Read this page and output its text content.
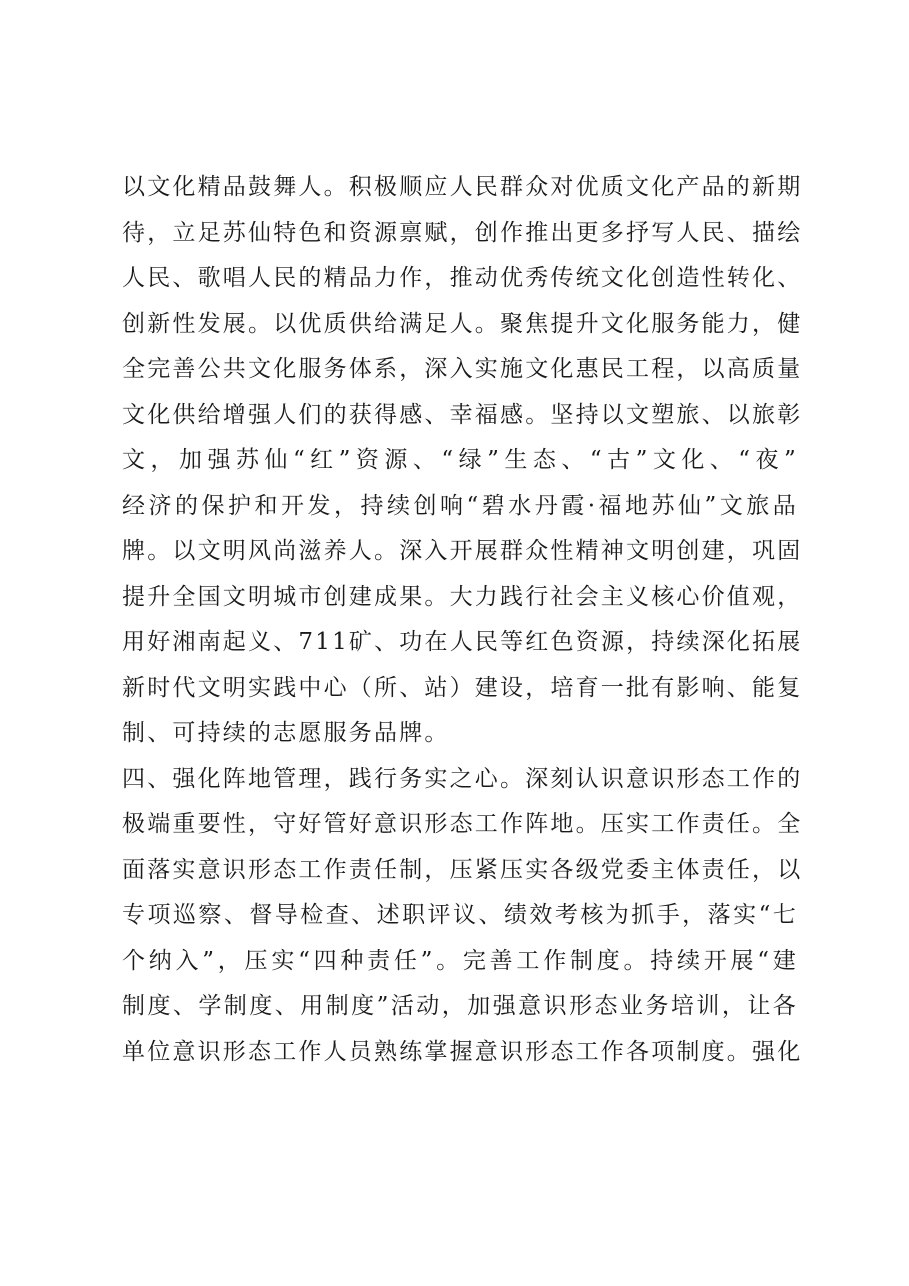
以文化精品鼓舞人。积极顺应人民群众对优质文化产品的新期
待，立足苏仙特色和资源禀赋，创作推出更多抒写人民、描绘
人民、歌唱人民的精品力作，推动优秀传统文化创造性转化、
创新性发展。以优质供给满足人。聚焦提升文化服务能力，健
全完善公共文化服务体系，深入实施文化惠民工程，以高质量
文化供给增强人们的获得感、幸福感。坚持以文塑旅、以旅彰
文，加强苏仙“红”资源、“绿”生态、“古”文化、“夜”
经济的保护和开发，持续创响“碧水丹霞·福地苏仙”文旅品
牌。以文明风尚滋养人。深入开展群众性精神文明创建，巩固
提升全国文明城市创建成果。大力践行社会主义核心价值观，
用好湘南起义、711矿、功在人民等红色资源，持续深化拓展
新时代文明实践中心（所、站）建设，培育一批有影响、能复
制、可持续的志愿服务品牌。
四、强化阵地管理，践行务实之心。深刻认识意识形态工作的
极端重要性，守好管好意识形态工作阵地。压实工作责任。全
面落实意识形态工作责任制，压紧压实各级党委主体责任，以
专项巡察、督导检查、述职评议、绩效考核为抓手，落实“七
个纳入”，压实“四种责任”。完善工作制度。持续开展“建
制度、学制度、用制度”活动，加强意识形态业务培训，让各
单位意识形态工作人员熟练掌握意识形态工作各项制度。强化
